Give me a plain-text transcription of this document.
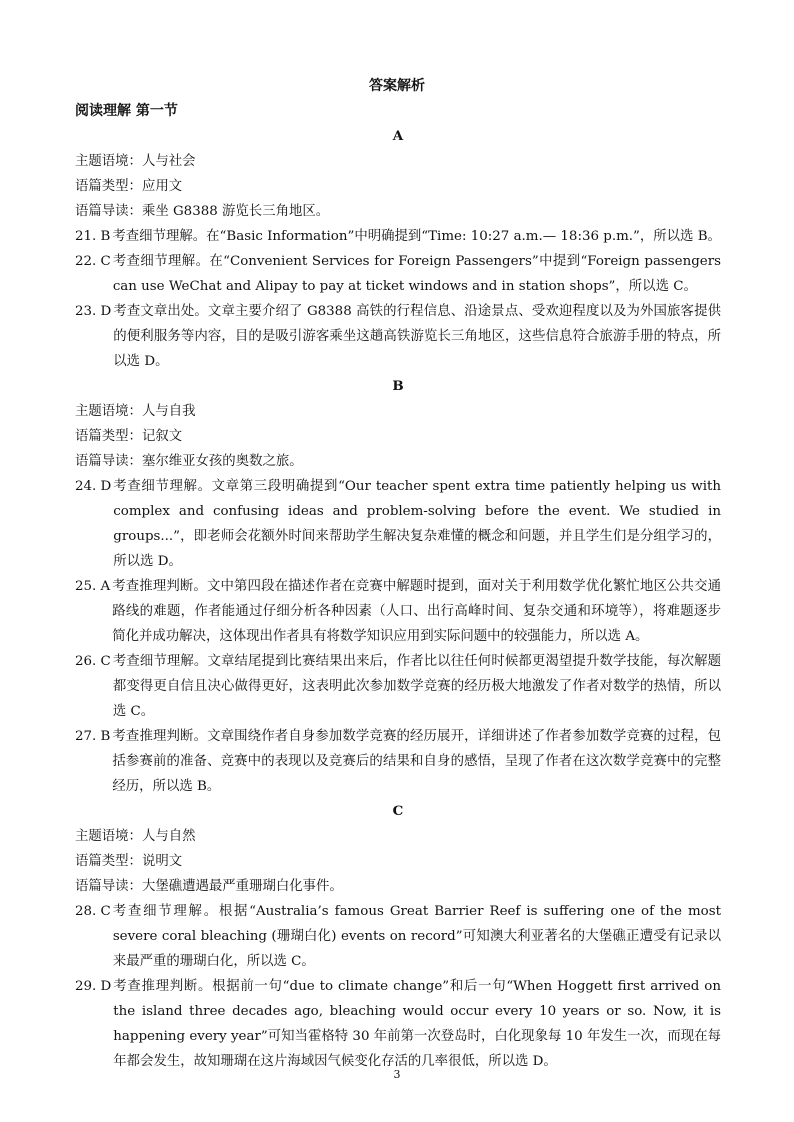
答案解析
阅读理解 第一节
A
主题语境：人与社会
语篇类型：应用文
语篇导读：乘坐 G8388 游览长三角地区。
21. B 考查细节理解。在“Basic Information”中明确提到“Time: 10:27 a.m.— 18:36 p.m.”，所以选 B。
22. C 考查细节理解。在“Convenient Services for Foreign Passengers”中提到“Foreign passengers can use WeChat and Alipay to pay at ticket windows and in station shops”，所以选 C。
23. D 考查文章出处。文章主要介绍了 G8388 高铁的行程信息、沿途景点、受欢迎程度以及为外国旅客提供的便利服务等内容，目的是吸引游客乘坐这趟高铁游览长三角地区，这些信息符合旅游手册的特点，所以选 D。
B
主题语境：人与自我
语篇类型：记叙文
语篇导读：塞尔维亚女孩的奥数之旅。
24. D 考查细节理解。文章第三段明确提到“Our teacher spent extra time patiently helping us with complex and confusing ideas and problem-solving before the event. We studied in groups...”，即老师会花额外时间来帮助学生解决复杂难懂的概念和问题，并且学生们是分组学习的，所以选 D。
25. A 考查推理判断。文中第四段在描述作者在竞赛中解题时提到，面对关于利用数学优化繁忙地区公共交通路线的难题，作者能通过仔细分析各种因素（人口、出行高峰时间、复杂交通和环境等），将难题逐步简化并成功解决，这体现出作者具有将数学知识应用到实际问题中的较强能力，所以选 A。
26. C 考查细节理解。文章结尾提到比赛结果出来后，作者比以往任何时候都更渴望提升数学技能，每次解题都变得更自信且决心做得更好，这表明此次参加数学竞赛的经历极大地激发了作者对数学的热情，所以选 C。
27. B 考查推理判断。文章围绕作者自身参加数学竞赛的经历展开，详细讲述了作者参加数学竞赛的过程，包括参赛前的准备、竞赛中的表现以及竞赛后的结果和自身的感悟，呈现了作者在这次数学竞赛中的完整经历，所以选 B。
C
主题语境：人与自然
语篇类型：说明文
语篇导读：大堡礁遭遇最严重珊瑚白化事件。
28. C 考查细节理解。根据“Australia’s famous Great Barrier Reef is suffering one of the most severe coral bleaching (珊瑚白化) events on record”可知澳大利亚著名的大堡礁正遭受有记录以来最严重的珊瑚白化，所以选 C。
29. D 考查推理判断。根据前一句“due to climate change”和后一句“When Hoggett first arrived on the island three decades ago, bleaching would occur every 10 years or so. Now, it is happening every year”可知当霍格特 30 年前第一次登岛时，白化现象每 10 年发生一次，而现在每年都会发生，故知珊瑚在这片海域因气候变化存活的几率很低，所以选 D。
3
